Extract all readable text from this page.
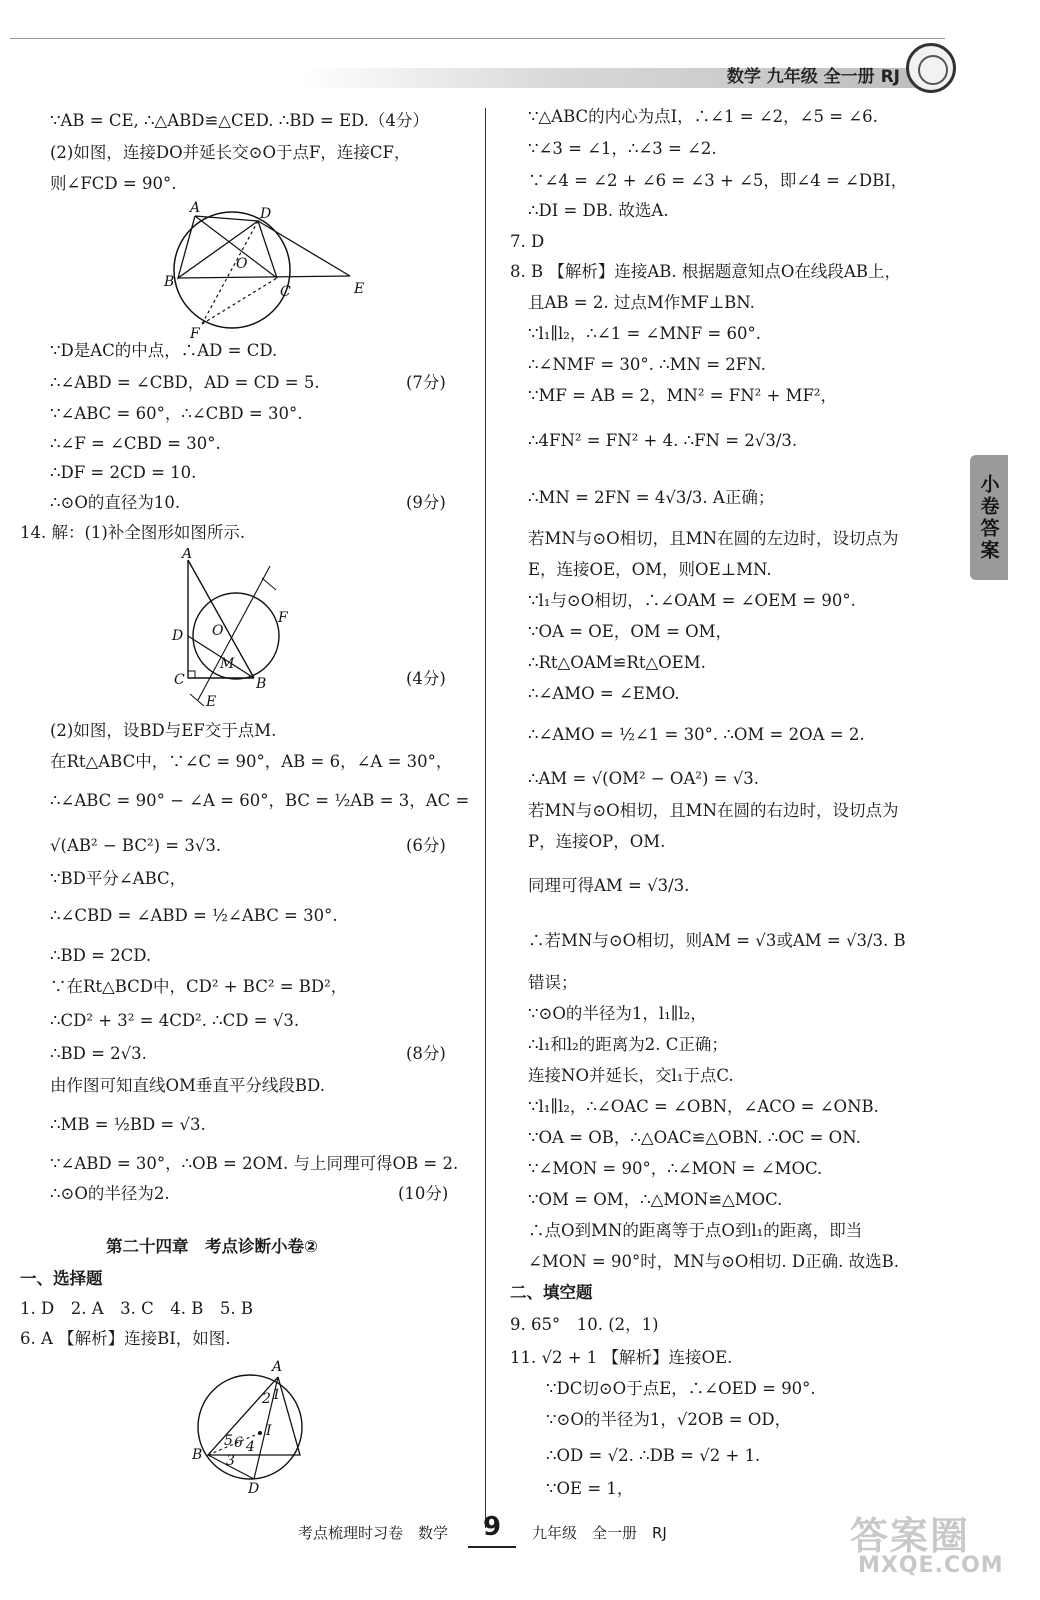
数学 九年级 全一册 RJ
小卷答案
∵AB = CE, ∴△ABD≌△CED. ∴BD = ED.（4分）
(2)如图，连接DO并延长交⊙O于点F，连接CF，
则∠FCD = 90°.
A	D
O
B
C	E
F
∵D是AC的中点，∴AD = CD.
∴∠ABD = ∠CBD，AD = CD = 5.	(7分)
∵∠ABC = 60°，∴∠CBD = 30°.
∴∠F = ∠CBD = 30°.
∴DF = 2CD = 10.
∴⊙O的直径为10.	(9分)
14. 解：(1)补全图形如图所示.
A
D O
F
M
C	B
E
(4分)
(2)如图，设BD与EF交于点M.
在Rt△ABC中，∵∠C = 90°，AB = 6，∠A = 30°，
∴∠ABC = 90° − ∠A = 60°，BC = ½AB = 3，AC =
√(AB² − BC²) = 3√3.	(6分)
∵BD平分∠ABC，
∴∠CBD = ∠ABD = ½∠ABC = 30°.
∴BD = 2CD.
∵在Rt△BCD中，CD² + BC² = BD²，
∴CD² + 3² = 4CD². ∴CD = √3.
∴BD = 2√3.	(8分)
由作图可知直线OM垂直平分线段BD.
∴MB = ½BD = √3.
∵∠ABD = 30°，∴OB = 2OM. 与上同理可得OB = 2.
∴⊙O的半径为2.	(10分)
第二十四章　考点诊断小卷②
一、选择题
1. D　2. A　3. C　4. B　5. B
6. A 【解析】连接BI，如图.
A
2 1
I
B
5 6 4
3
D
∵△ABC的内心为点I，∴∠1 = ∠2，∠5 = ∠6.
∵∠3 = ∠1，∴∠3 = ∠2.
∵∠4 = ∠2 + ∠6 = ∠3 + ∠5，即∠4 = ∠DBI，
∴DI = DB. 故选A.
7. D
8. B 【解析】连接AB. 根据题意知点O在线段AB上，
且AB = 2. 过点M作MF⊥BN.
∵l₁∥l₂，∴∠1 = ∠MNF = 60°.
∴∠NMF = 30°. ∴MN = 2FN.
∵MF = AB = 2，MN² = FN² + MF²，
∴4FN² = FN² + 4. ∴FN = 2√3/3.
∴MN = 2FN = 4√3/3. A正确；
若MN与⊙O相切，且MN在圆的左边时，设切点为
E，连接OE，OM，则OE⊥MN.
∵l₁与⊙O相切，∴∠OAM = ∠OEM = 90°.
∵OA = OE，OM = OM，
∴Rt△OAM≌Rt△OEM.
∴∠AMO = ∠EMO.
∴∠AMO = ½∠1 = 30°. ∴OM = 2OA = 2.
∴AM = √(OM² − OA²) = √3.
若MN与⊙O相切，且MN在圆的右边时，设切点为
P，连接OP，OM.
同理可得AM = √3/3.
∴若MN与⊙O相切，则AM = √3或AM = √3/3. B
错误；
∵⊙O的半径为1，l₁∥l₂，
∴l₁和l₂的距离为2. C正确；
连接NO并延长，交l₁于点C.
∵l₁∥l₂，∴∠OAC = ∠OBN，∠ACO = ∠ONB.
∵OA = OB，∴△OAC≌△OBN. ∴OC = ON.
∵∠MON = 90°，∴∠MON = ∠MOC.
∵OM = OM，∴△MON≌△MOC.
∴点O到MN的距离等于点O到l₁的距离，即当
∠MON = 90°时，MN与⊙O相切. D正确. 故选B.
二、填空题
9. 65°　10. (2，1)
11. √2 + 1 【解析】连接OE.
∵DC切⊙O于点E，∴∠OED = 90°.
∵⊙O的半径为1，√2OB = OD，
∴OD = √2. ∴DB = √2 + 1.
∵OE = 1，
考点梳理时习卷　数学	9	九年级　全一册　RJ	答案圈
MXQE.COM
